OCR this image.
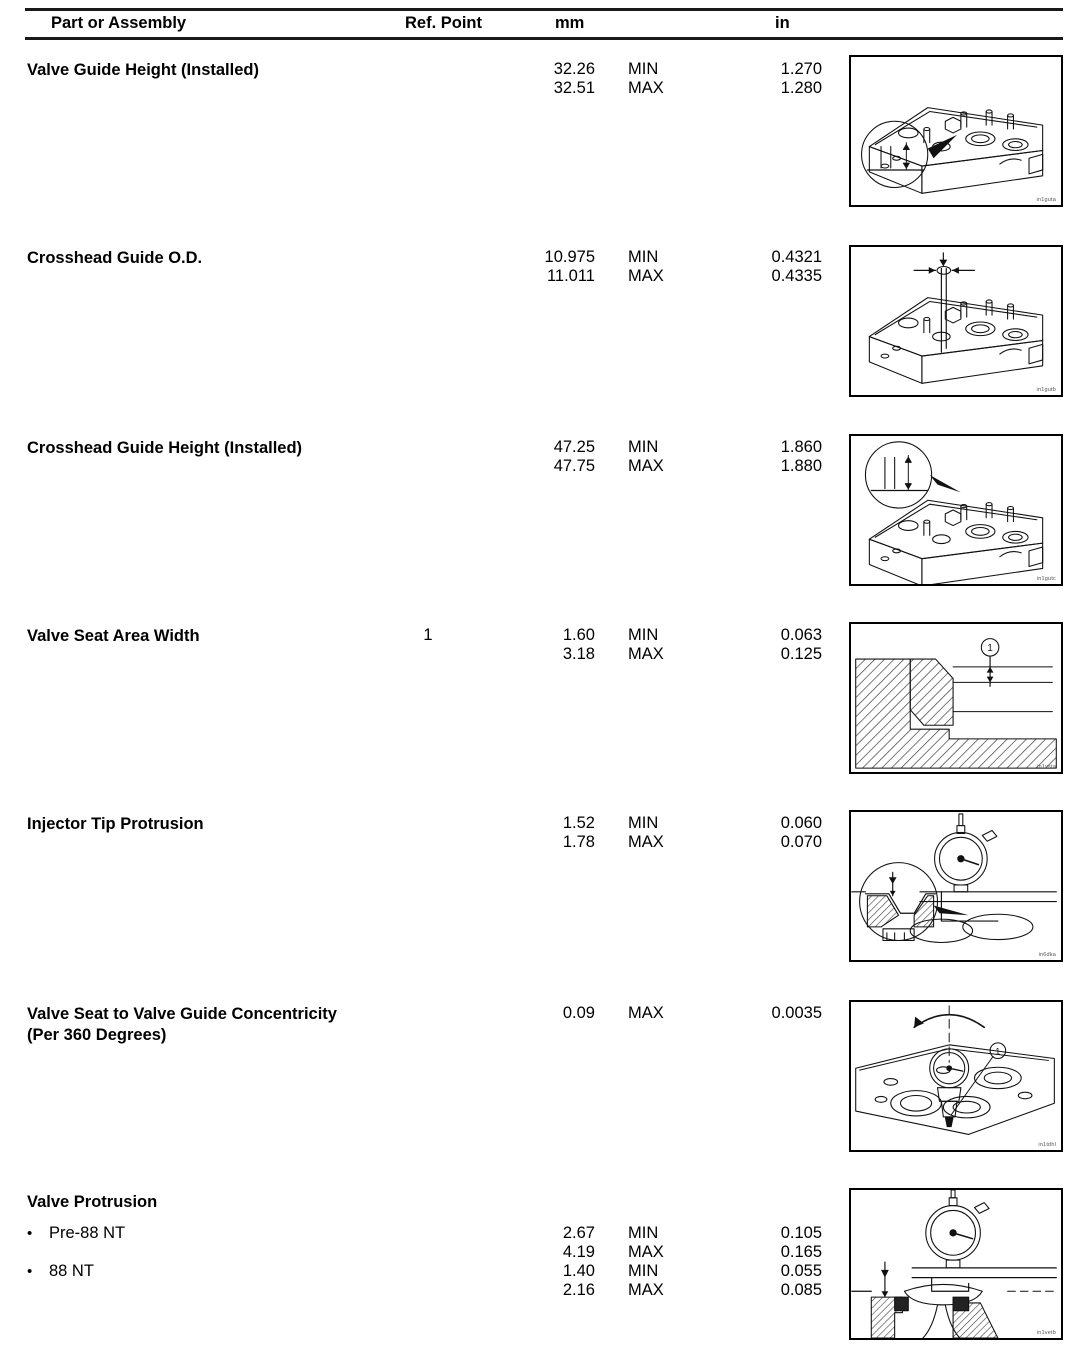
Part or Assembly	Ref. Point	mm	in
Valve Guide Height (Installed)	32.26 MIN	1.270
32.51 MAX	1.280
in1guta
Crosshead Guide O.D.	10.975 MIN	0.4321
11.011 MAX	0.4335
in1gutb
Crosshead Guide Height (Installed)	47.25 MIN	1.860
47.75 MAX	1.880
in1gutc
Valve Seat Area Width	1	1.60 MIN	0.063
3.18 MAX	0.125	1
in1vsta
Injector Tip Protrusion	1.52 MIN	0.060
1.78 MAX	0.070
in6dka
Valve Seat to Valve Guide Concentricity
(Per 360 Degrees)
0.09 MAX	0.0035
1
in1tdhl
Valve Protrusion
• Pre-88 NT	2.67 MIN	0.105
4.19 MAX	0.165
• 88 NT	1.40 MIN	0.055
2.16 MAX	0.085
in1vetb
